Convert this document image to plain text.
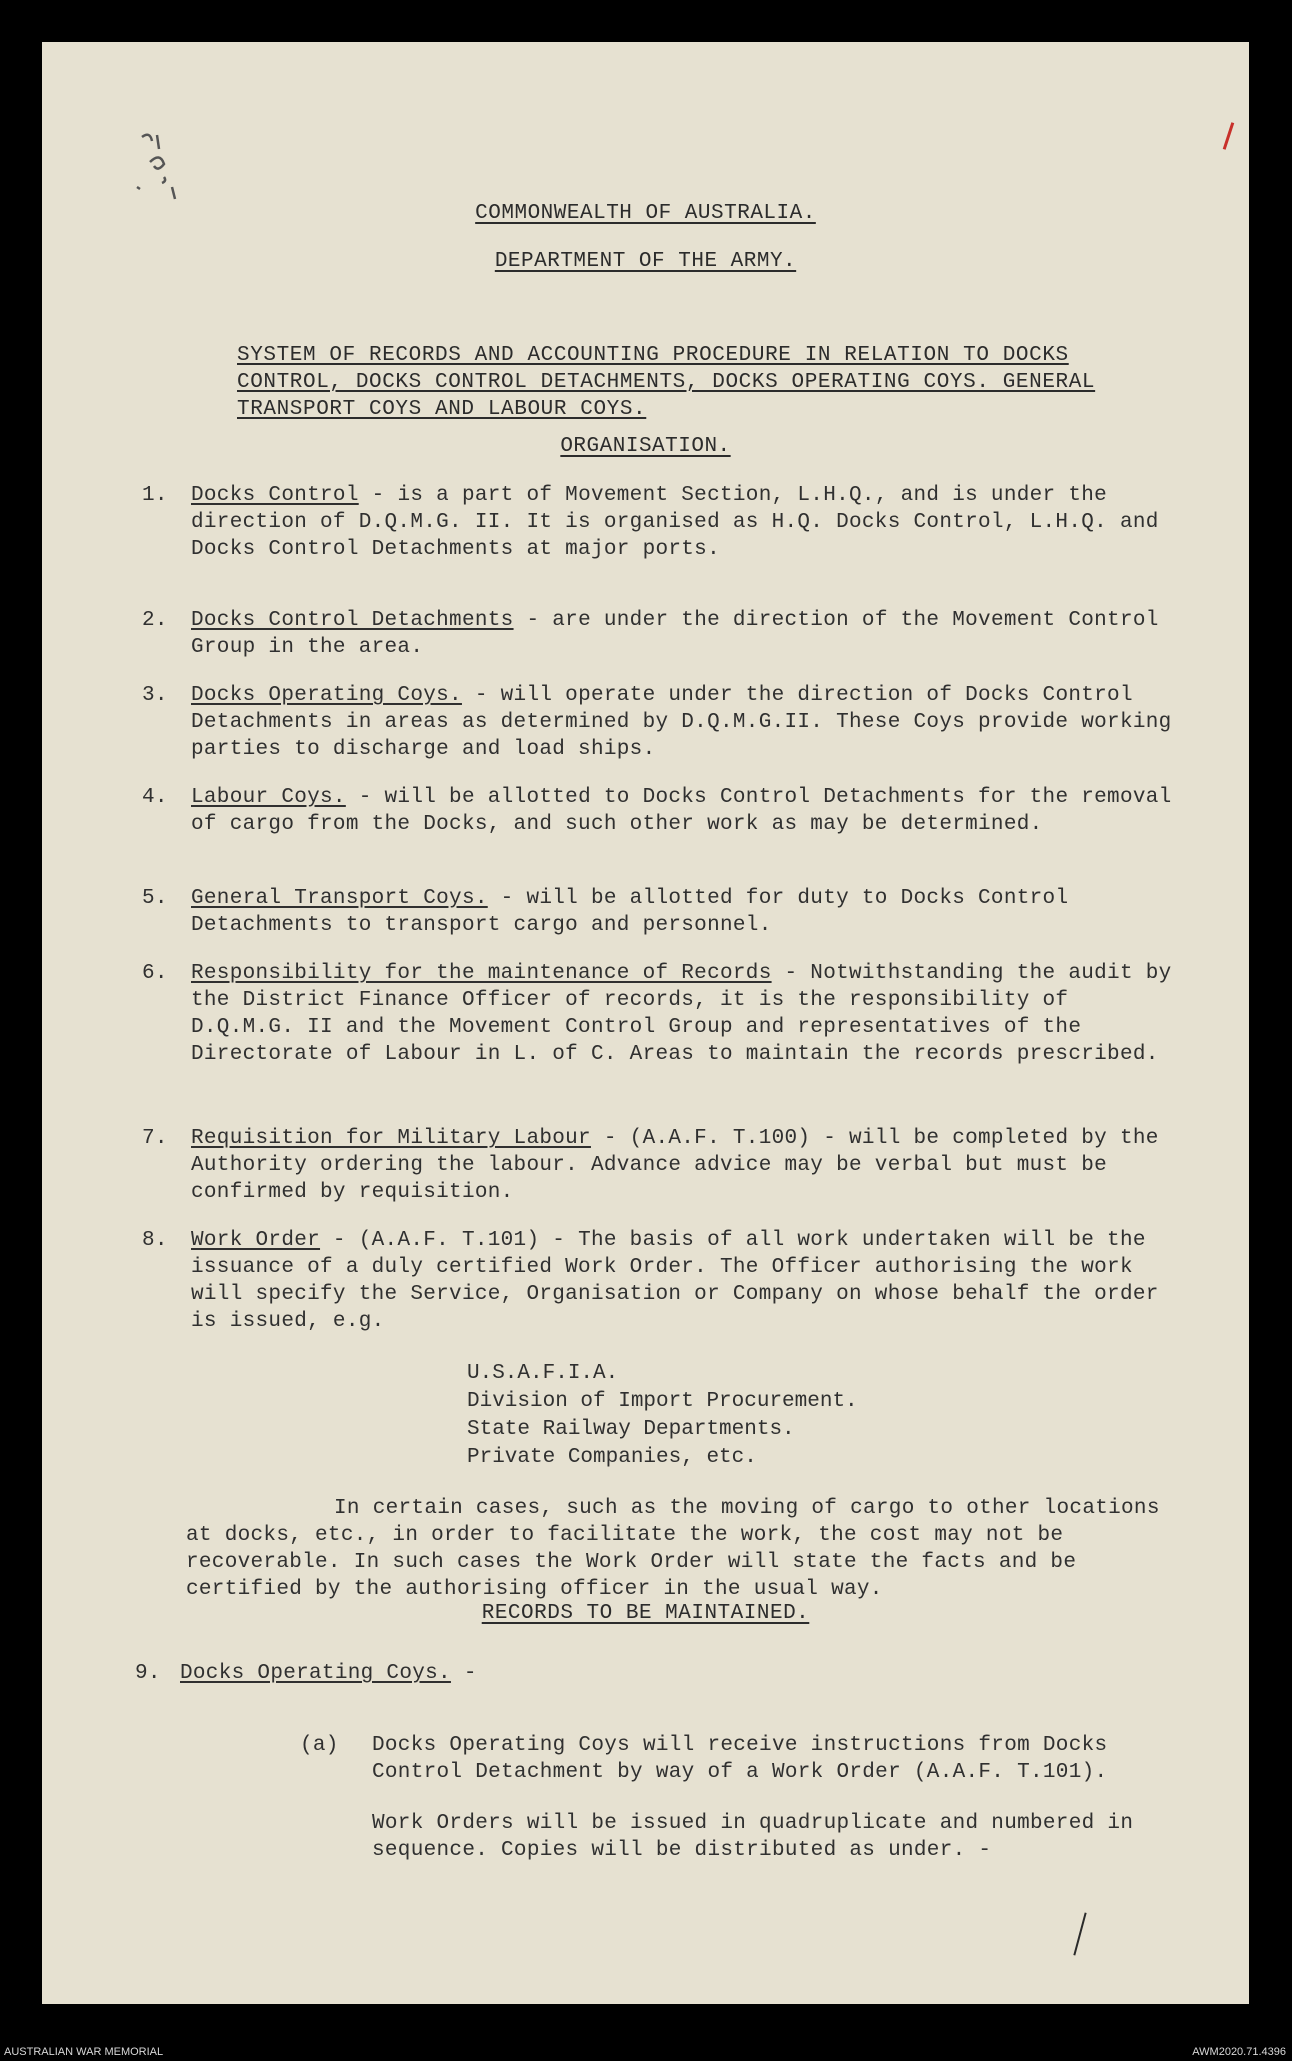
COMMONWEALTH OF AUSTRALIA.
DEPARTMENT OF THE ARMY.
SYSTEM OF RECORDS AND ACCOUNTING PROCEDURE IN RELATION TO DOCKS CONTROL, DOCKS CONTROL DETACHMENTS, DOCKS OPERATING COYS. GENERAL TRANSPORT COYS AND LABOUR COYS.
ORGANISATION.
1. Docks Control - is a part of Movement Section, L.H.Q., and is under the direction of D.Q.M.G. II. It is organised as H.Q. Docks Control, L.H.Q. and Docks Control Detachments at major ports.
2. Docks Control Detachments - are under the direction of the Movement Control Group in the area.
3. Docks Operating Coys. - will operate under the direction of Docks Control Detachments in areas as determined by D.Q.M.G.II. These Coys provide working parties to discharge and load ships.
4. Labour Coys. - will be allotted to Docks Control Detachments for the removal of cargo from the Docks, and such other work as may be determined.
5. General Transport Coys. - will be allotted for duty to Docks Control Detachments to transport cargo and personnel.
6. Responsibility for the maintenance of Records - Notwithstanding the audit by the District Finance Officer of records, it is the responsibility of D.Q.M.G. II and the Movement Control Group and representatives of the Directorate of Labour in L. of C. Areas to maintain the records prescribed.
7. Requisition for Military Labour - (A.A.F. T.100) - will be completed by the Authority ordering the labour. Advance advice may be verbal but must be confirmed by requisition.
8. Work Order - (A.A.F. T.101) - The basis of all work undertaken will be the issuance of a duly certified Work Order. The Officer authorising the work will specify the Service, Organisation or Company on whose behalf the order is issued, e.g.
U.S.A.F.I.A.
Division of Import Procurement.
State Railway Departments.
Private Companies, etc.
In certain cases, such as the moving of cargo to other locations at docks, etc., in order to facilitate the work, the cost may not be recoverable. In such cases the Work Order will state the facts and be certified by the authorising officer in the usual way.
RECORDS TO BE MAINTAINED.
9. Docks Operating Coys. -
(a) Docks Operating Coys will receive instructions from Docks Control Detachment by way of a Work Order (A.A.F. T.101).
Work Orders will be issued in quadruplicate and numbered in sequence. Copies will be distributed as under. -
AUSTRALIAN WAR MEMORIAL	AWM2020.71.4396
